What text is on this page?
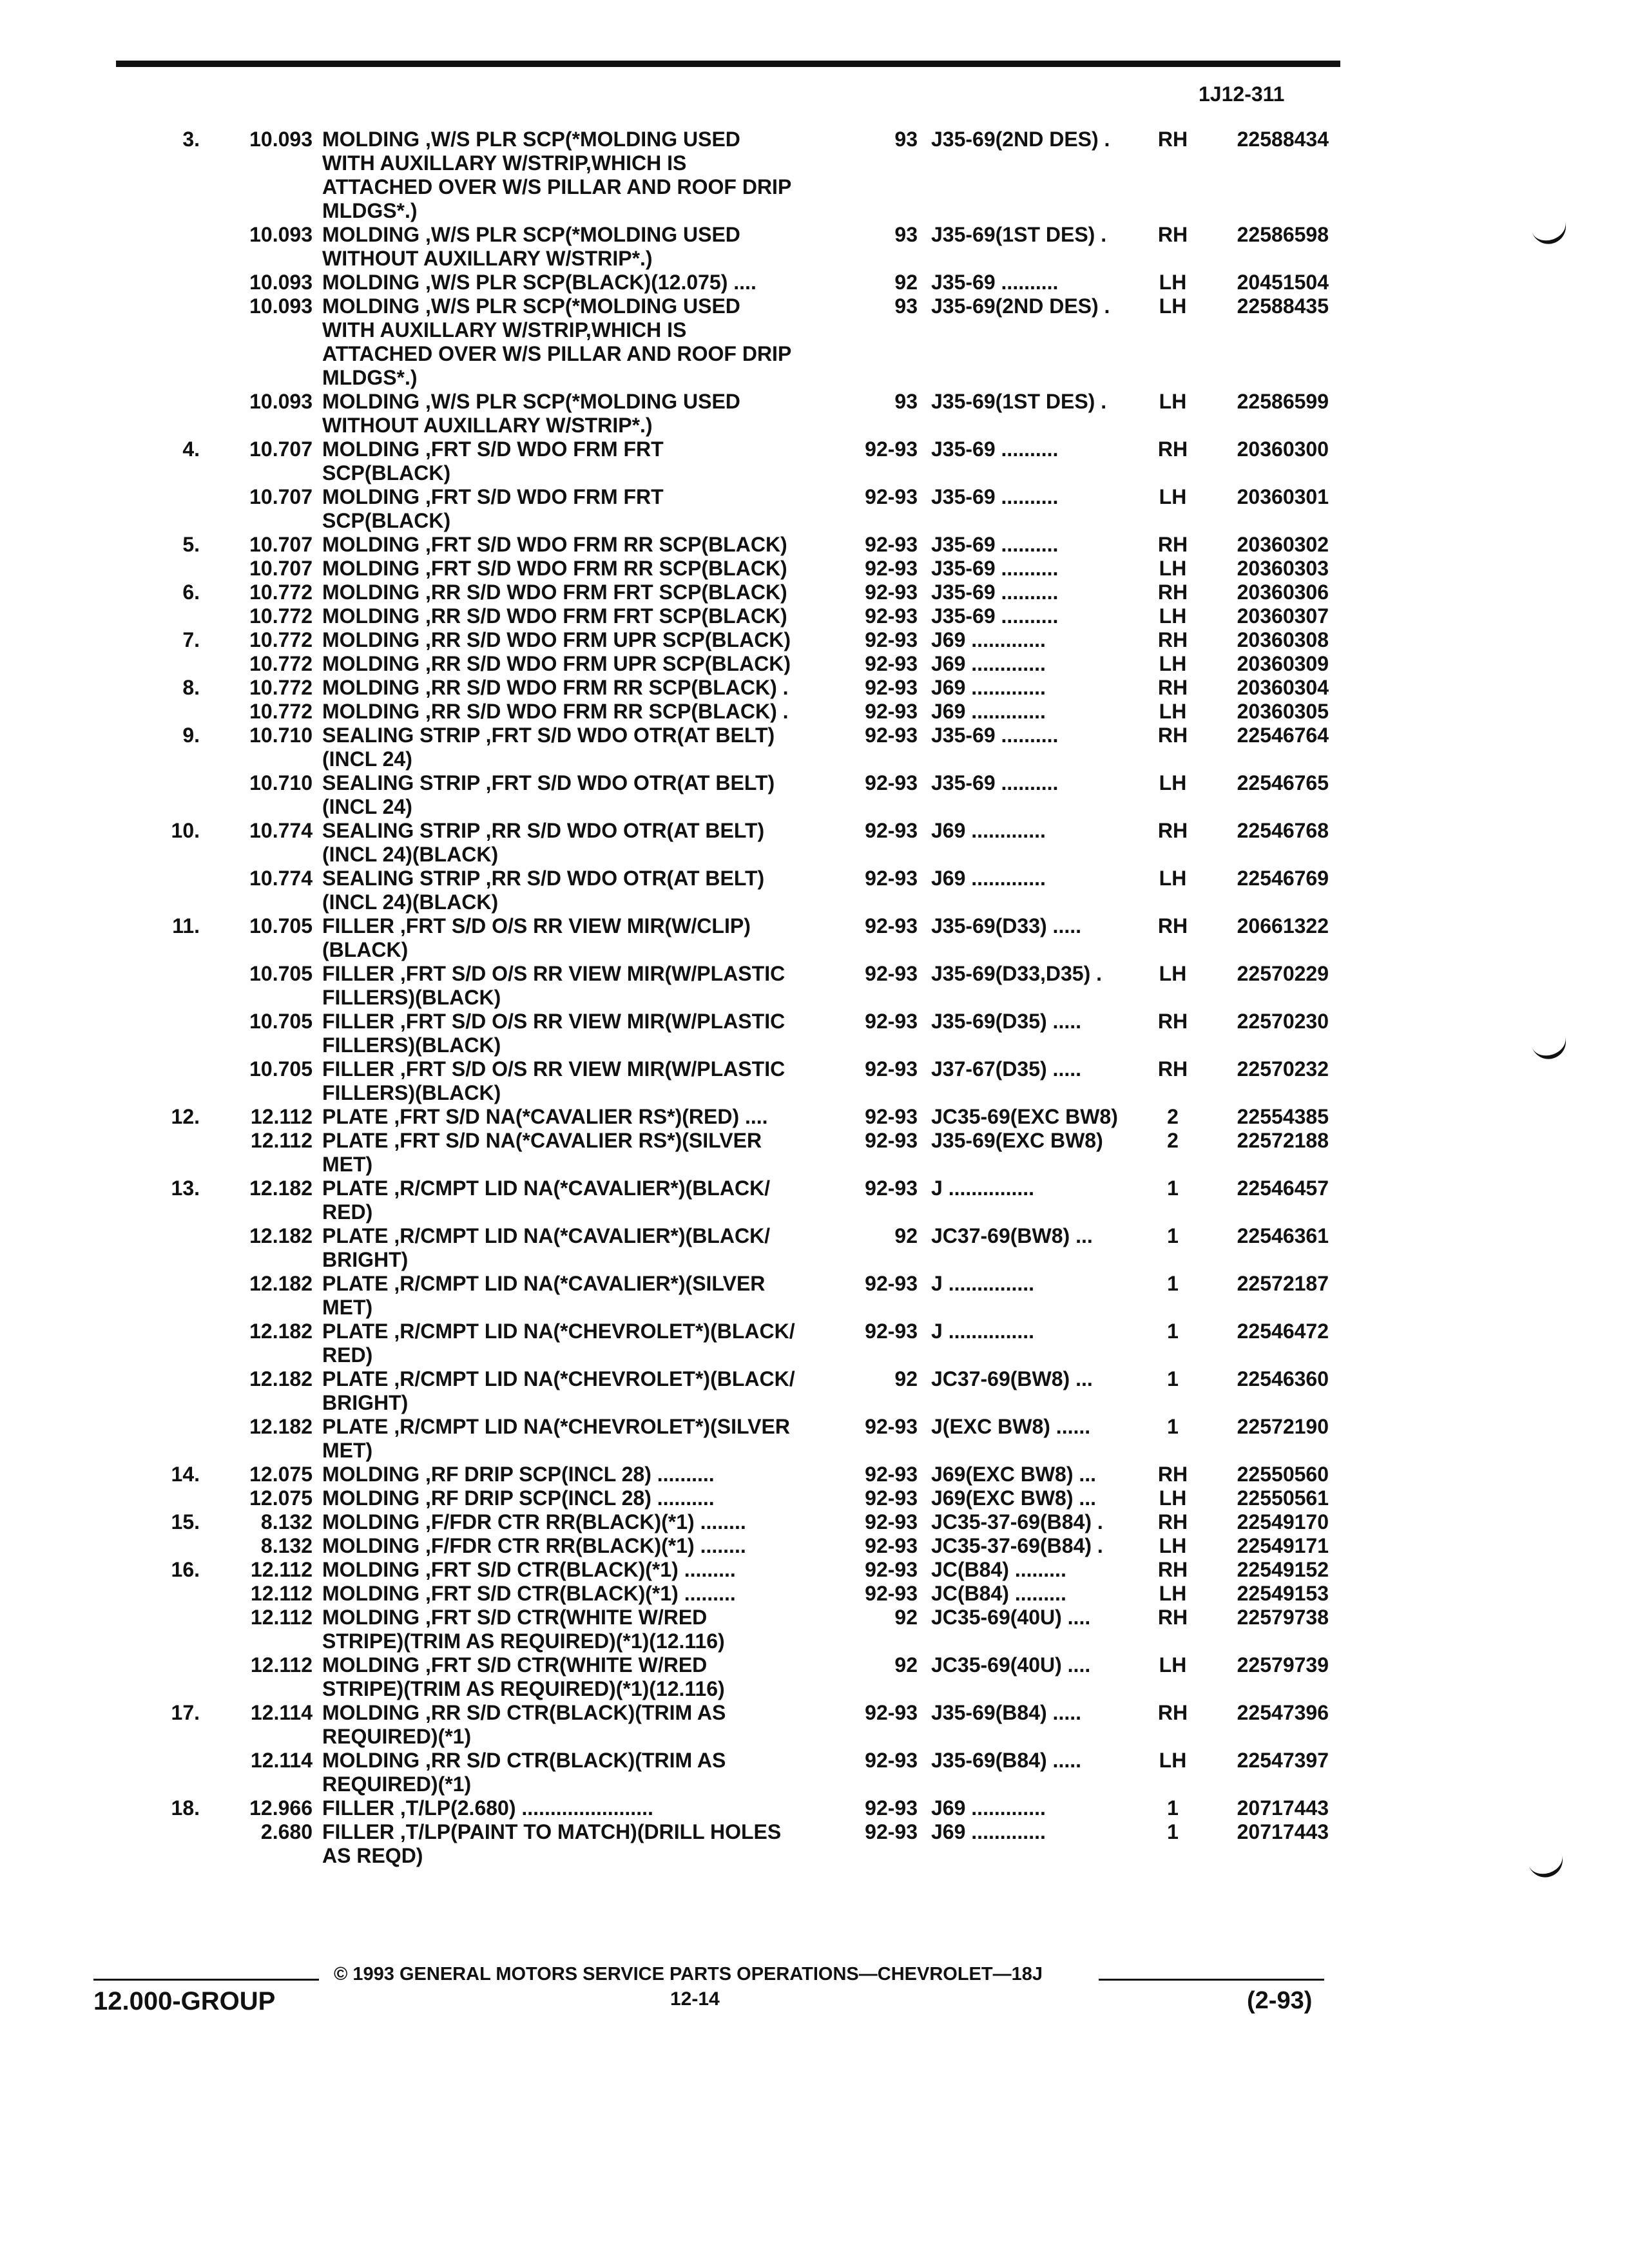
1J12-311
3.	10.093 MOLDING ,W/S PLR SCP(*MOLDING USED
WITH AUXILLARY W/STRIP,WHICH IS
ATTACHED OVER W/S PILLAR AND ROOF DRIP
MLDGS*.)
93 J35-69(2ND DES) .	RH	22588434
10.093 MOLDING ,W/S PLR SCP(*MOLDING USED
WITHOUT AUXILLARY W/STRIP*.)
93 J35-69(1ST DES) .	RH	22586598
10.093 MOLDING ,W/S PLR SCP(BLACK)(12.075) ....	92 J35-69 ..........	LH	20451504
10.093 MOLDING ,W/S PLR SCP(*MOLDING USED
WITH AUXILLARY W/STRIP,WHICH IS
ATTACHED OVER W/S PILLAR AND ROOF DRIP
MLDGS*.)
93 J35-69(2ND DES) .	LH	22588435
10.093 MOLDING ,W/S PLR SCP(*MOLDING USED
WITHOUT AUXILLARY W/STRIP*.)
93 J35-69(1ST DES) .	LH	22586599
4.	10.707 MOLDING ,FRT S/D WDO FRM FRT
SCP(BLACK)
92-93 J35-69 ..........	RH	20360300
10.707 MOLDING ,FRT S/D WDO FRM FRT
SCP(BLACK)
92-93 J35-69 ..........	LH	20360301
5.	10.707 MOLDING ,FRT S/D WDO FRM RR SCP(BLACK)	92-93 J35-69 ..........	RH	20360302
10.707 MOLDING ,FRT S/D WDO FRM RR SCP(BLACK)	92-93 J35-69 ..........	LH	20360303
6.	10.772 MOLDING ,RR S/D WDO FRM FRT SCP(BLACK)	92-93 J35-69 ..........	RH	20360306
10.772 MOLDING ,RR S/D WDO FRM FRT SCP(BLACK)	92-93 J35-69 ..........	LH	20360307
7.	10.772 MOLDING ,RR S/D WDO FRM UPR SCP(BLACK)	92-93 J69 .............	RH	20360308
10.772 MOLDING ,RR S/D WDO FRM UPR SCP(BLACK)	92-93 J69 .............	LH	20360309
8.	10.772 MOLDING ,RR S/D WDO FRM RR SCP(BLACK) .	92-93 J69 .............	RH	20360304
10.772 MOLDING ,RR S/D WDO FRM RR SCP(BLACK) .	92-93 J69 .............	LH	20360305
9.	10.710 SEALING STRIP ,FRT S/D WDO OTR(AT BELT)
(INCL 24)
92-93 J35-69 ..........	RH	22546764
10.710 SEALING STRIP ,FRT S/D WDO OTR(AT BELT)
(INCL 24)
92-93 J35-69 ..........	LH	22546765
10.	10.774 SEALING STRIP ,RR S/D WDO OTR(AT BELT)
(INCL 24)(BLACK)
92-93 J69 .............	RH	22546768
10.774 SEALING STRIP ,RR S/D WDO OTR(AT BELT)
(INCL 24)(BLACK)
92-93 J69 .............	LH	22546769
11.	10.705 FILLER ,FRT S/D O/S RR VIEW MIR(W/CLIP)
(BLACK)
92-93 J35-69(D33) .....	RH	20661322
10.705 FILLER ,FRT S/D O/S RR VIEW MIR(W/PLASTIC
FILLERS)(BLACK)
92-93 J35-69(D33,D35) .	LH	22570229
10.705 FILLER ,FRT S/D O/S RR VIEW MIR(W/PLASTIC
FILLERS)(BLACK)
92-93 J35-69(D35) .....	RH	22570230
10.705 FILLER ,FRT S/D O/S RR VIEW MIR(W/PLASTIC
FILLERS)(BLACK)
92-93 J37-67(D35) .....	RH	22570232
12.	12.112 PLATE ,FRT S/D NA(*CAVALIER RS*)(RED) ....	92-93 JC35-69(EXC BW8)	2	22554385
12.112 PLATE ,FRT S/D NA(*CAVALIER RS*)(SILVER
MET)
92-93 J35-69(EXC BW8)	2	22572188
13.	12.182 PLATE ,R/CMPT LID NA(*CAVALIER*)(BLACK/
RED)
92-93 J ...............	1	22546457
12.182 PLATE ,R/CMPT LID NA(*CAVALIER*)(BLACK/
BRIGHT)
92 JC37-69(BW8) ...	1	22546361
12.182 PLATE ,R/CMPT LID NA(*CAVALIER*)(SILVER
MET)
92-93 J ...............	1	22572187
12.182 PLATE ,R/CMPT LID NA(*CHEVROLET*)(BLACK/
RED)
92-93 J ...............	1	22546472
12.182 PLATE ,R/CMPT LID NA(*CHEVROLET*)(BLACK/
BRIGHT)
92 JC37-69(BW8) ...	1	22546360
12.182 PLATE ,R/CMPT LID NA(*CHEVROLET*)(SILVER
MET)
92-93 J(EXC BW8) ......	1	22572190
14.	12.075 MOLDING ,RF DRIP SCP(INCL 28) ..........	92-93 J69(EXC BW8) ...	RH	22550560
12.075 MOLDING ,RF DRIP SCP(INCL 28) ..........	92-93 J69(EXC BW8) ...	LH	22550561
15.	8.132 MOLDING ,F/FDR CTR RR(BLACK)(*1) ........	92-93 JC35-37-69(B84) .	RH	22549170
8.132 MOLDING ,F/FDR CTR RR(BLACK)(*1) ........	92-93 JC35-37-69(B84) .	LH	22549171
16.	12.112 MOLDING ,FRT S/D CTR(BLACK)(*1) .........	92-93 JC(B84) .........	RH	22549152
12.112 MOLDING ,FRT S/D CTR(BLACK)(*1) .........	92-93 JC(B84) .........	LH	22549153
12.112 MOLDING ,FRT S/D CTR(WHITE W/RED
STRIPE)(TRIM AS REQUIRED)(*1)(12.116)
92 JC35-69(40U) ....	RH	22579738
12.112 MOLDING ,FRT S/D CTR(WHITE W/RED
STRIPE)(TRIM AS REQUIRED)(*1)(12.116)
92 JC35-69(40U) ....	LH	22579739
17.	12.114 MOLDING ,RR S/D CTR(BLACK)(TRIM AS
REQUIRED)(*1)
92-93 J35-69(B84) .....	RH	22547396
12.114 MOLDING ,RR S/D CTR(BLACK)(TRIM AS
REQUIRED)(*1)
92-93 J35-69(B84) .....	LH	22547397
18.	12.966 FILLER ,T/LP(2.680) .......................	92-93 J69 .............	1	20717443
2.680 FILLER ,T/LP(PAINT TO MATCH)(DRILL HOLES
AS REQD)
92-93 J69 .............	1	20717443
© 1993 GENERAL MOTORS SERVICE PARTS OPERATIONS—CHEVROLET—18J
12.000-GROUP	12-14	(2-93)
